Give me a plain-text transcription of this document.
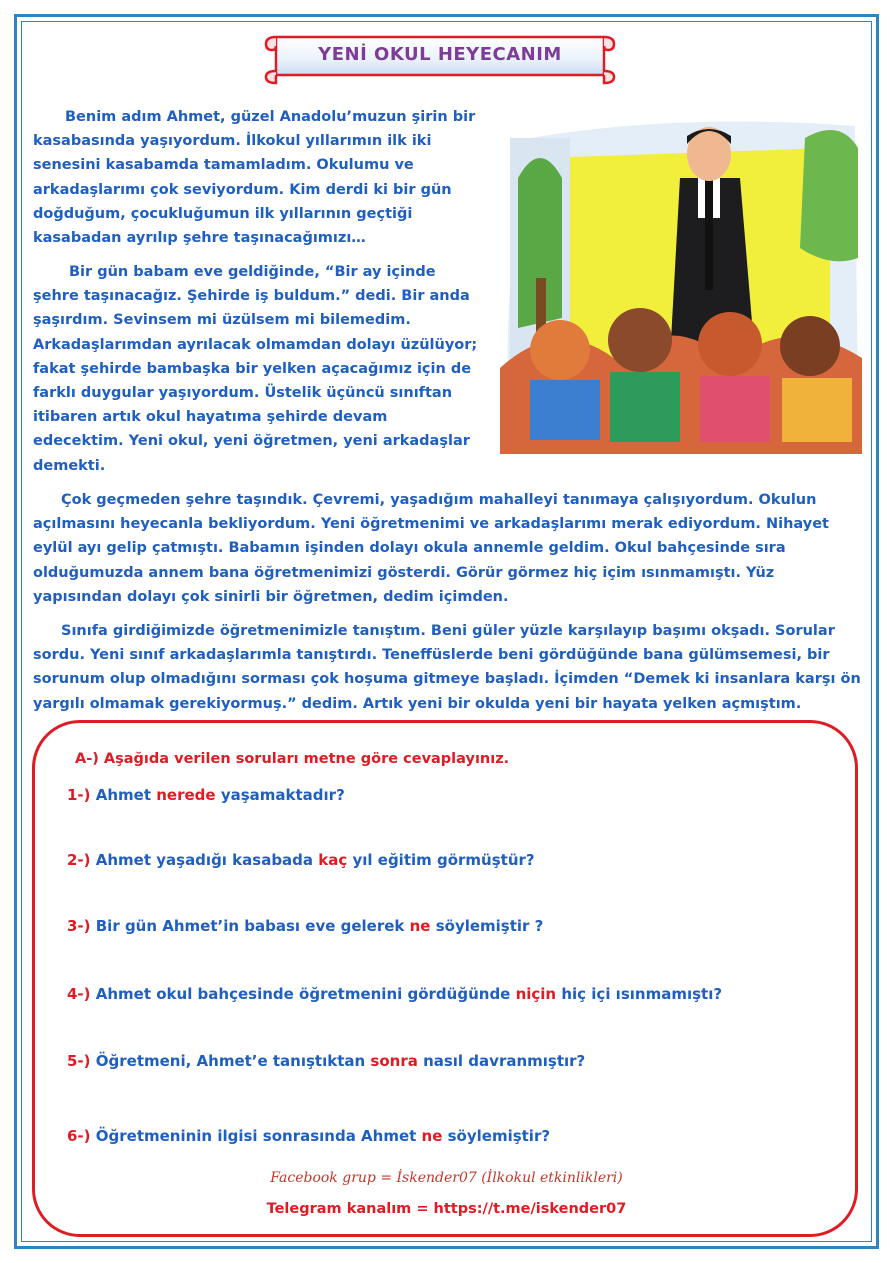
YENİ OKUL HEYECANIM

Benim adım Ahmet, güzel Anadolu’muzun şirin bir kasabasında yaşıyordum. İlkokul yıllarımın ilk iki senesini kasabamda tamamladım. Okulumu ve arkadaşlarımı çok seviyordum. Kim derdi ki bir gün doğduğum, çocukluğumun ilk yıllarının geçtiği kasabadan ayrılıp şehre taşınacağımızı…

Bir gün babam eve geldiğinde, “Bir ay içinde şehre taşınacağız. Şehirde iş buldum.” dedi. Bir anda şaşırdım. Sevinsem mi üzülsem mi bilemedim. Arkadaşlarımdan ayrılacak olmamdan dolayı üzülüyor; fakat şehirde bambaşka bir yelken açacağımız için de farklı duygular yaşıyordum. Üstelik üçüncü sınıftan itibaren artık okul hayatıma şehirde devam edecektim. Yeni okul, yeni öğretmen, yeni arkadaşlar demekti.

Çok geçmeden şehre taşındık. Çevremi, yaşadığım mahalleyi tanımaya çalışıyordum. Okulun açılmasını heyecanla bekliyordum. Yeni öğretmenimi ve arkadaşlarımı merak ediyordum. Nihayet eylül ayı gelip çatmıştı. Babamın işinden dolayı okula annemle geldim. Okul bahçesinde sıra olduğumuzda annem bana öğretmenimizi gösterdi. Görür görmez hiç içim ısınmamıştı. Yüz yapısından dolayı çok sinirli bir öğretmen, dedim içimden.

Sınıfa girdiğimizde öğretmenimizle tanıştım. Beni güler yüzle karşılayıp başımı okşadı. Sorular sordu. Yeni sınıf arkadaşlarımla tanıştırdı. Teneffüslerde beni gördüğünde bana gülümsemesi, bir sorunum olup olmadığını sorması çok hoşuma gitmeye başladı. İçimden “Demek ki insanlara karşı ön yargılı olmamak gerekiyormuş.” dedim. Artık yeni bir okulda yeni bir hayata yelken açmıştım.

A-) Aşağıda verilen soruları metne göre cevaplayınız.
1-) Ahmet nerede yaşamaktadır?
2-) Ahmet yaşadığı kasabada kaç yıl eğitim görmüştür?
3-) Bir gün Ahmet’in babası eve gelerek ne söylemiştir ?
4-) Ahmet okul bahçesinde öğretmenini gördüğünde niçin hiç içi ısınmamıştı?
5-) Öğretmeni, Ahmet’e tanıştıktan sonra nasıl davranmıştır?
6-) Öğretmeninin ilgisi sonrasında Ahmet ne söylemiştir?
Facebook grup = İskender07 (İlkokul etkinlikleri)
Telegram kanalım = https://t.me/iskender07
